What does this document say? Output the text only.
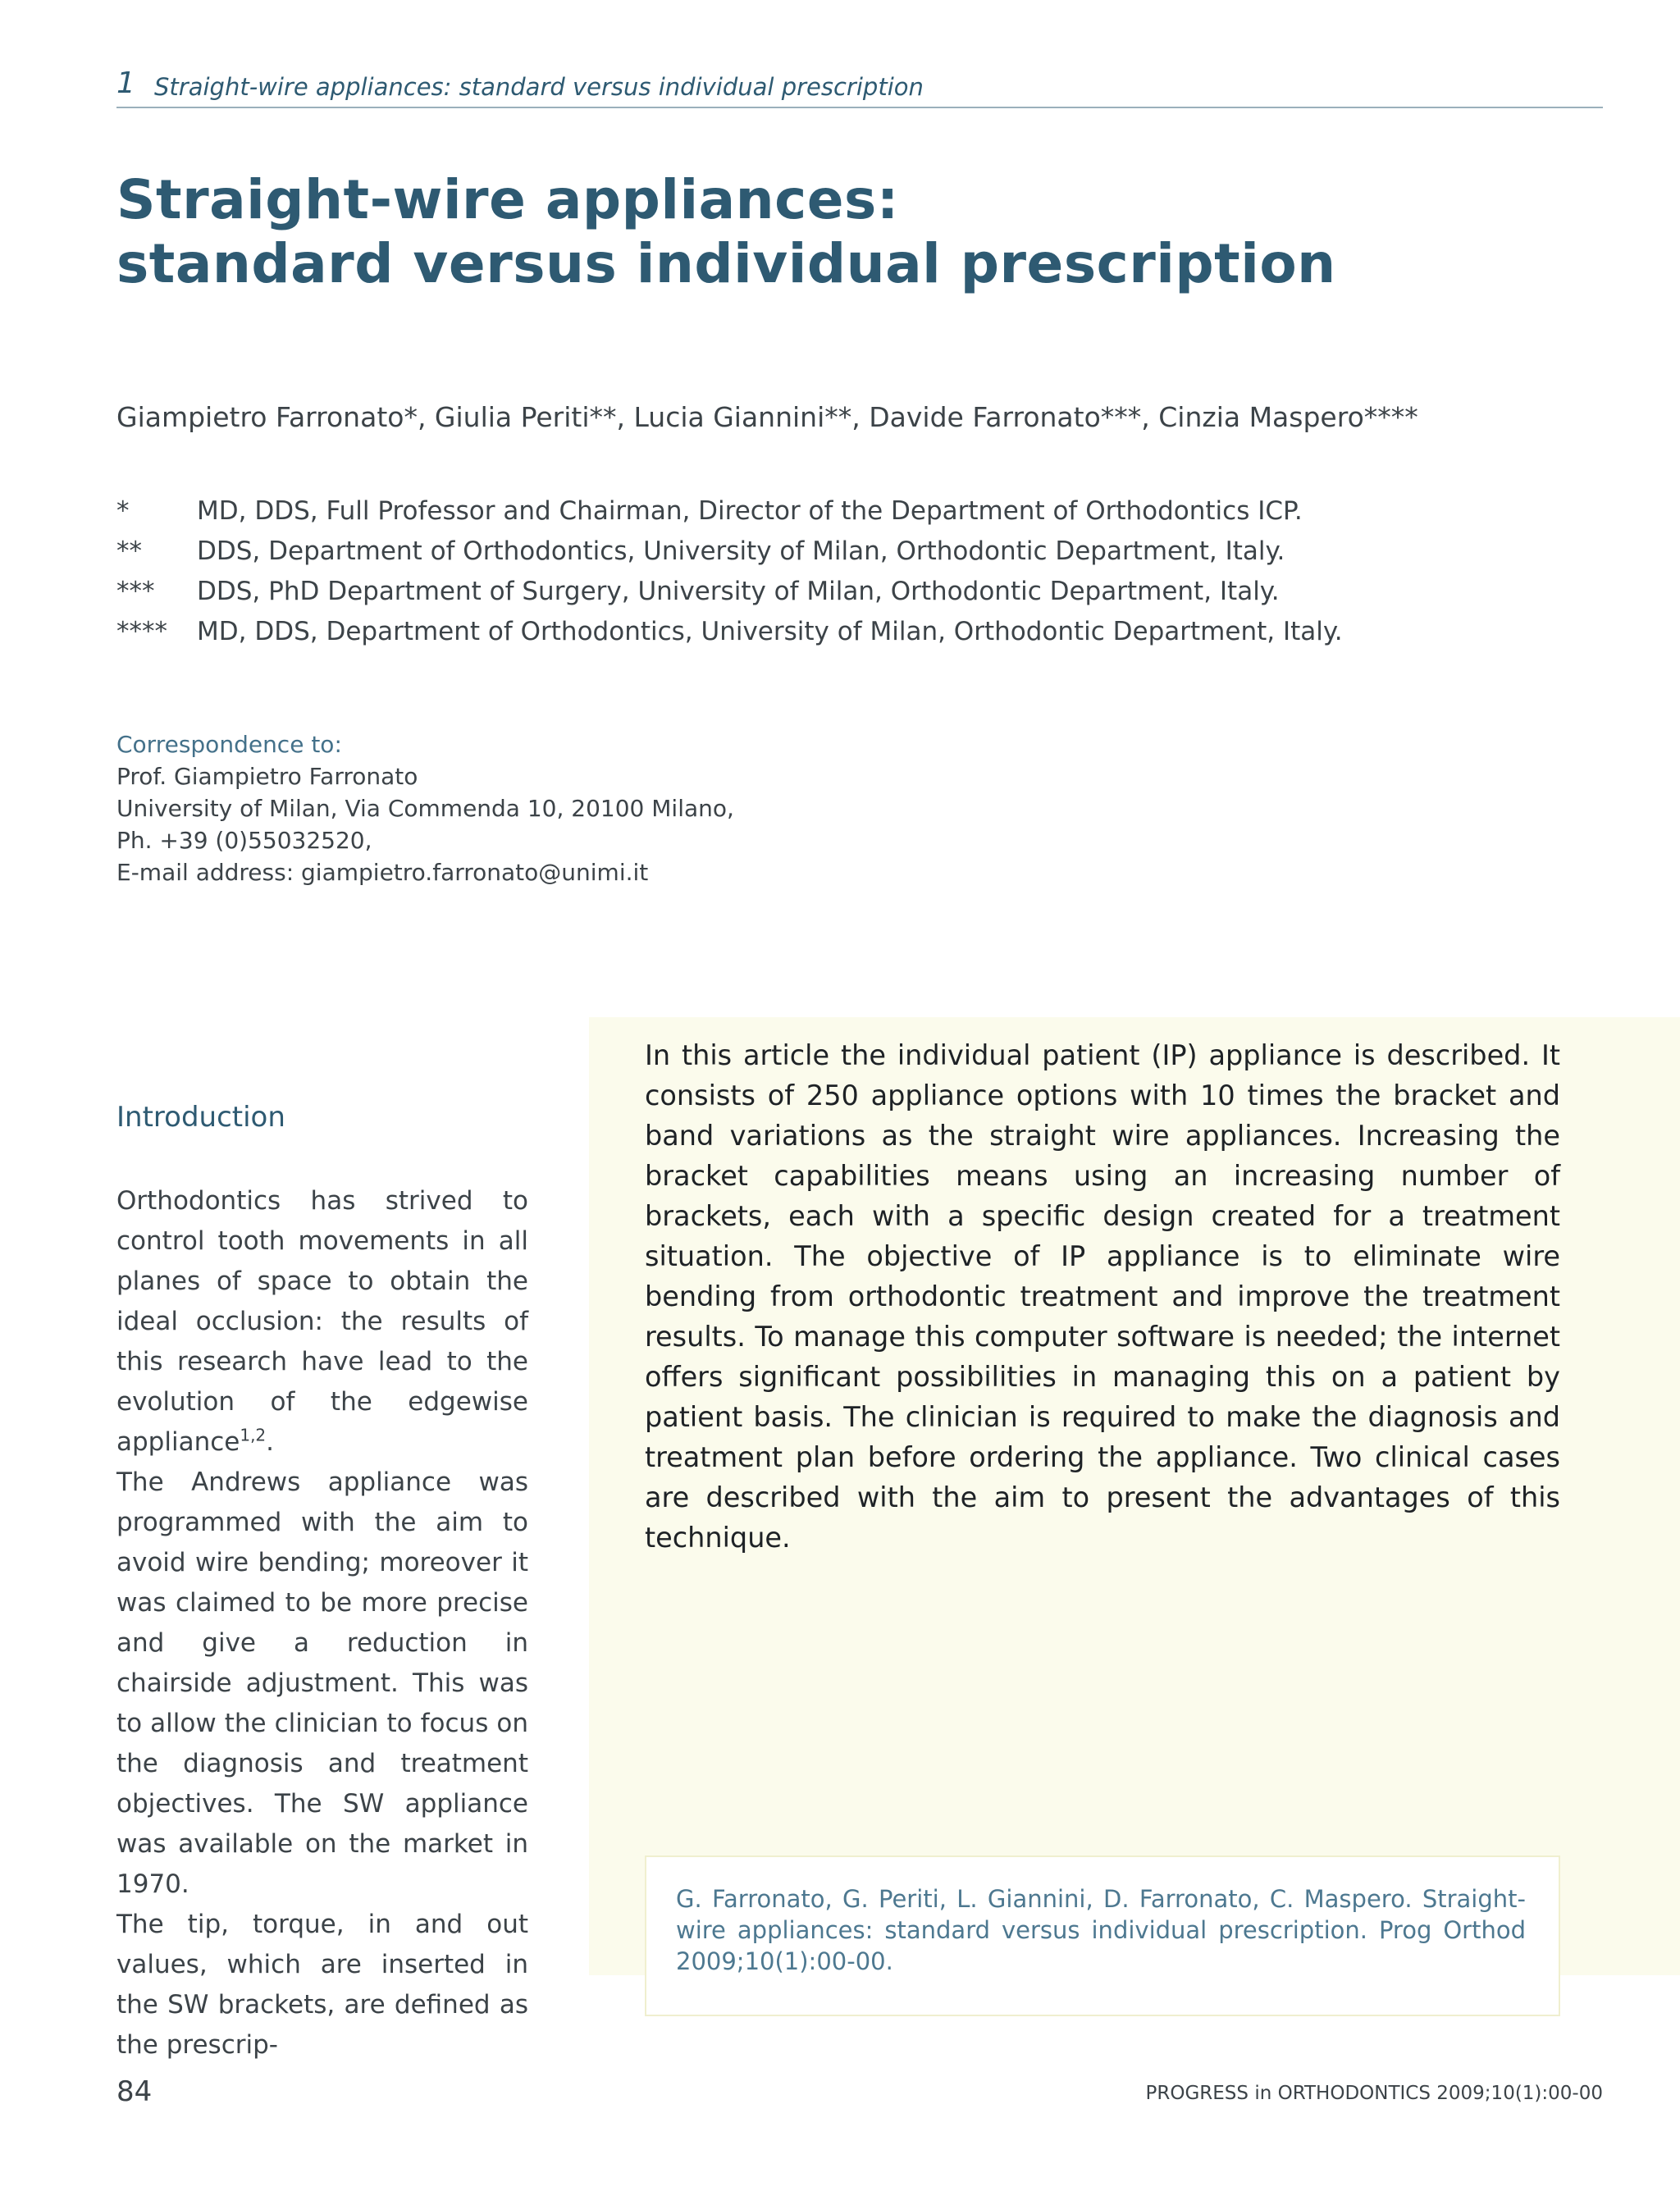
1 Straight-wire appliances: standard versus individual prescription
Straight-wire appliances:
standard versus individual prescription
Giampietro Farronato*, Giulia Periti**, Lucia Giannini**, Davide Farronato***, Cinzia Maspero****
*	MD, DDS, Full Professor and Chairman, Director of the Department of Orthodontics ICP.
** DDS, Department of Orthodontics, University of Milan, Orthodontic Department, Italy.
*** DDS, PhD Department of Surgery, University of Milan, Orthodontic Department, Italy.
**** MD, DDS, Department of Orthodontics, University of Milan, Orthodontic Department, Italy.
Correspondence to:
Prof. Giampietro Farronato
University of Milan, Via Commenda 10, 20100 Milano,
Ph. +39 (0)55032520,
E-mail address: giampietro.farronato@unimi.it
In this article the individual patient (IP) appliance is described. It consists of 250 appliance options with 10 times the bracket and band variations as the straight wire appliances. Increasing the bracket capabilities means using an increasing number of brackets, each with a specific design created for a treatment situation. The objective of IP appliance is to eliminate wire bending from orthodontic treatment and improve the treatment results. To manage this computer software is needed; the internet offers significant possibilities in managing this on a patient by patient basis. The clinician is required to make the diagnosis and treatment plan before ordering the appliance. Two clinical cases are described with the aim to present the advantages of this technique.
G. Farronato, G. Periti, L. Giannini, D. Farronato, C. Maspero. Straight-wire appliances: standard versus individual prescription. Prog Orthod 2009;10(1):00-00.
Introduction

Orthodontics has strived to control tooth movements in all planes of space to obtain the ideal occlusion: the results of this research have lead to the evolution of the edgewise appliance$^{1,2}$.

The Andrews appliance was programmed with the aim to avoid wire bending; moreover it was claimed to be more precise and give a reduction in chairside adjustment. This was to allow the clinician to focus on the diagnosis and treatment objectives. The SW appliance was available on the market in 1970.

The tip, torque, in and out values, which are inserted in the SW brackets, are defined as the prescrip-

84	PROGRESS in ORTHODONTICS 2009;10(1):00-00
